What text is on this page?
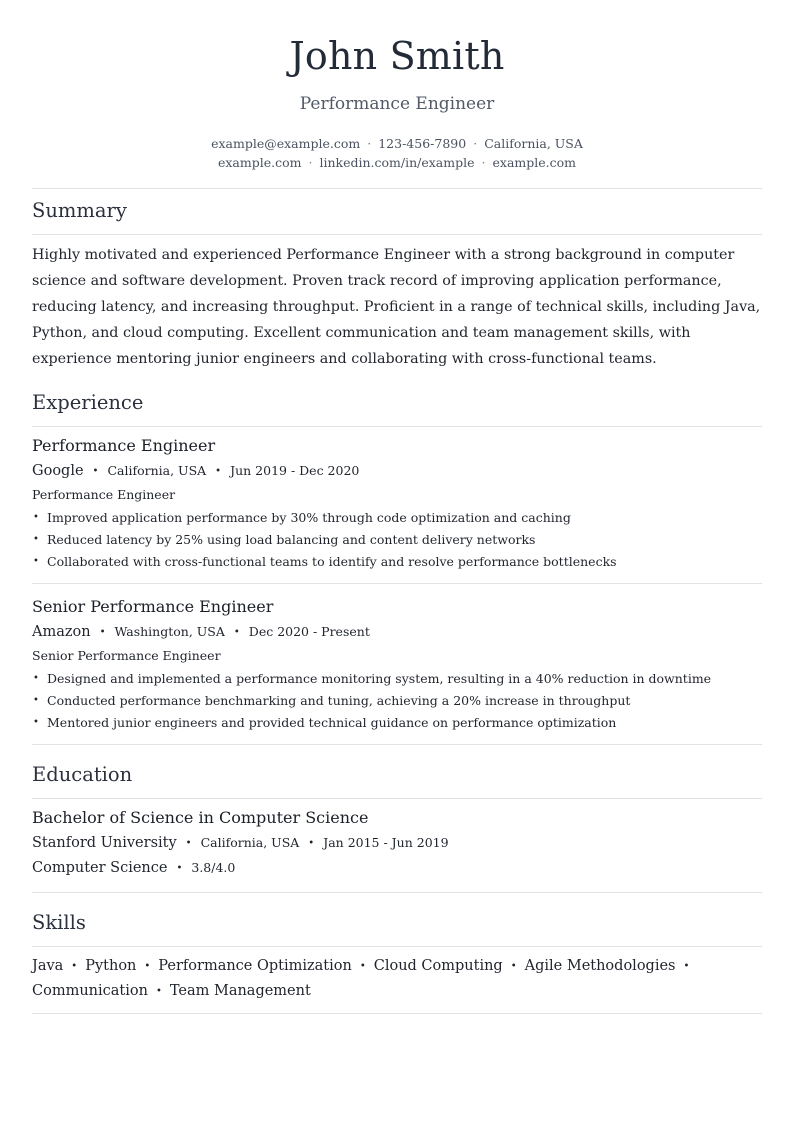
John Smith
Performance Engineer
example@example.com · 123-456-7890 · California, USA
example.com · linkedin.com/in/example · example.com
Summary

Highly motivated and experienced Performance Engineer with a strong background in computer science and software development. Proven track record of improving application performance, reducing latency, and increasing throughput. Proficient in a range of technical skills, including Java, Python, and cloud computing. Excellent communication and team management skills, with experience mentoring junior engineers and collaborating with cross-functional teams.

Experience
Performance Engineer
Google • California, USA • Jun 2019 - Dec 2020
Performance Engineer
• Improved application performance by 30% through code optimization and caching
• Reduced latency by 25% using load balancing and content delivery networks
• Collaborated with cross-functional teams to identify and resolve performance bottlenecks
Senior Performance Engineer
Amazon • Washington, USA • Dec 2020 - Present
Senior Performance Engineer
• Designed and implemented a performance monitoring system, resulting in a 40% reduction in downtime
• Conducted performance benchmarking and tuning, achieving a 20% increase in throughput
• Mentored junior engineers and provided technical guidance on performance optimization
Education
Bachelor of Science in Computer Science
Stanford University • California, USA • Jan 2015 - Jun 2019
Computer Science • 3.8/4.0
Skills
Java • Python • Performance Optimization • Cloud Computing • Agile Methodologies •
Communication • Team Management
